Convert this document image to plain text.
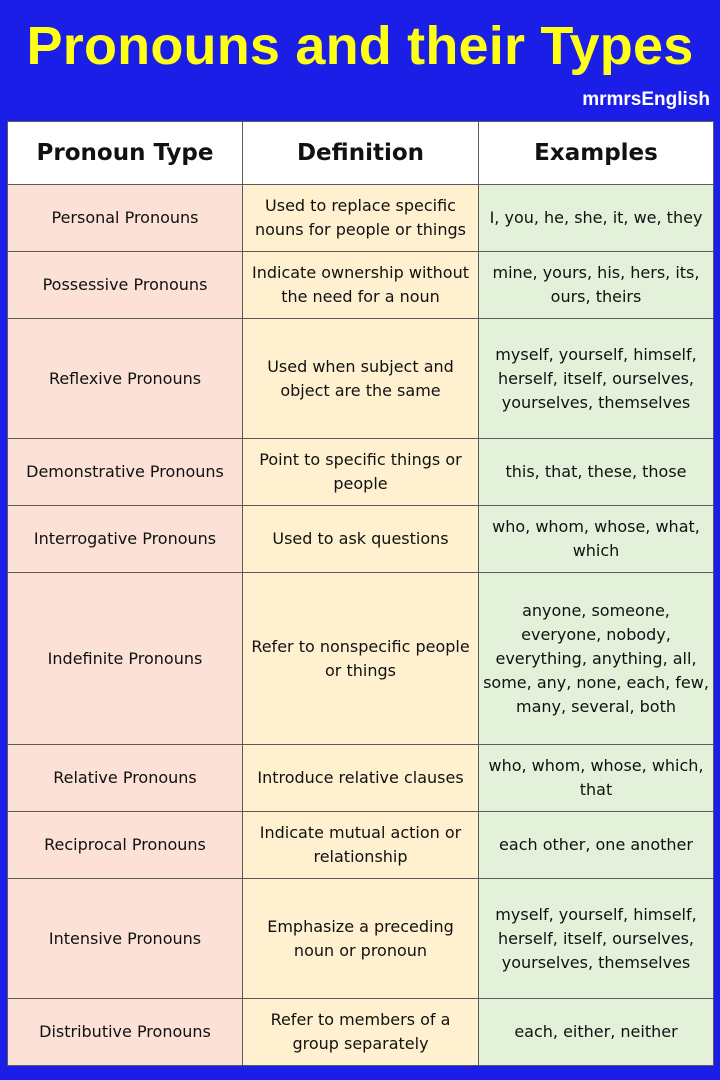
Pronouns and their Types
mrmrsEnglish
Pronoun Type	Definition	Examples
Personal Pronouns	Used to replace specific nouns for people or things	I, you, he, she, it, we, they
Possessive Pronouns	Indicate ownership without the need for a noun	mine, yours, his, hers, its, ours, theirs
Reflexive Pronouns	Used when subject and object are the same	myself, yourself, himself, herself, itself, ourselves, yourselves, themselves
Demonstrative Pronouns	Point to specific things or people	this, that, these, those
Interrogative Pronouns	Used to ask questions	who, whom, whose, what, which
Indefinite Pronouns	Refer to nonspecific people or things	anyone, someone, everyone, nobody, everything, anything, all, some, any, none, each, few, many, several, both
Relative Pronouns	Introduce relative clauses	who, whom, whose, which, that
Reciprocal Pronouns	Indicate mutual action or relationship	each other, one another
Intensive Pronouns	Emphasize a preceding noun or pronoun	myself, yourself, himself, herself, itself, ourselves, yourselves, themselves
Distributive Pronouns	Refer to members of a group separately	each, either, neither
